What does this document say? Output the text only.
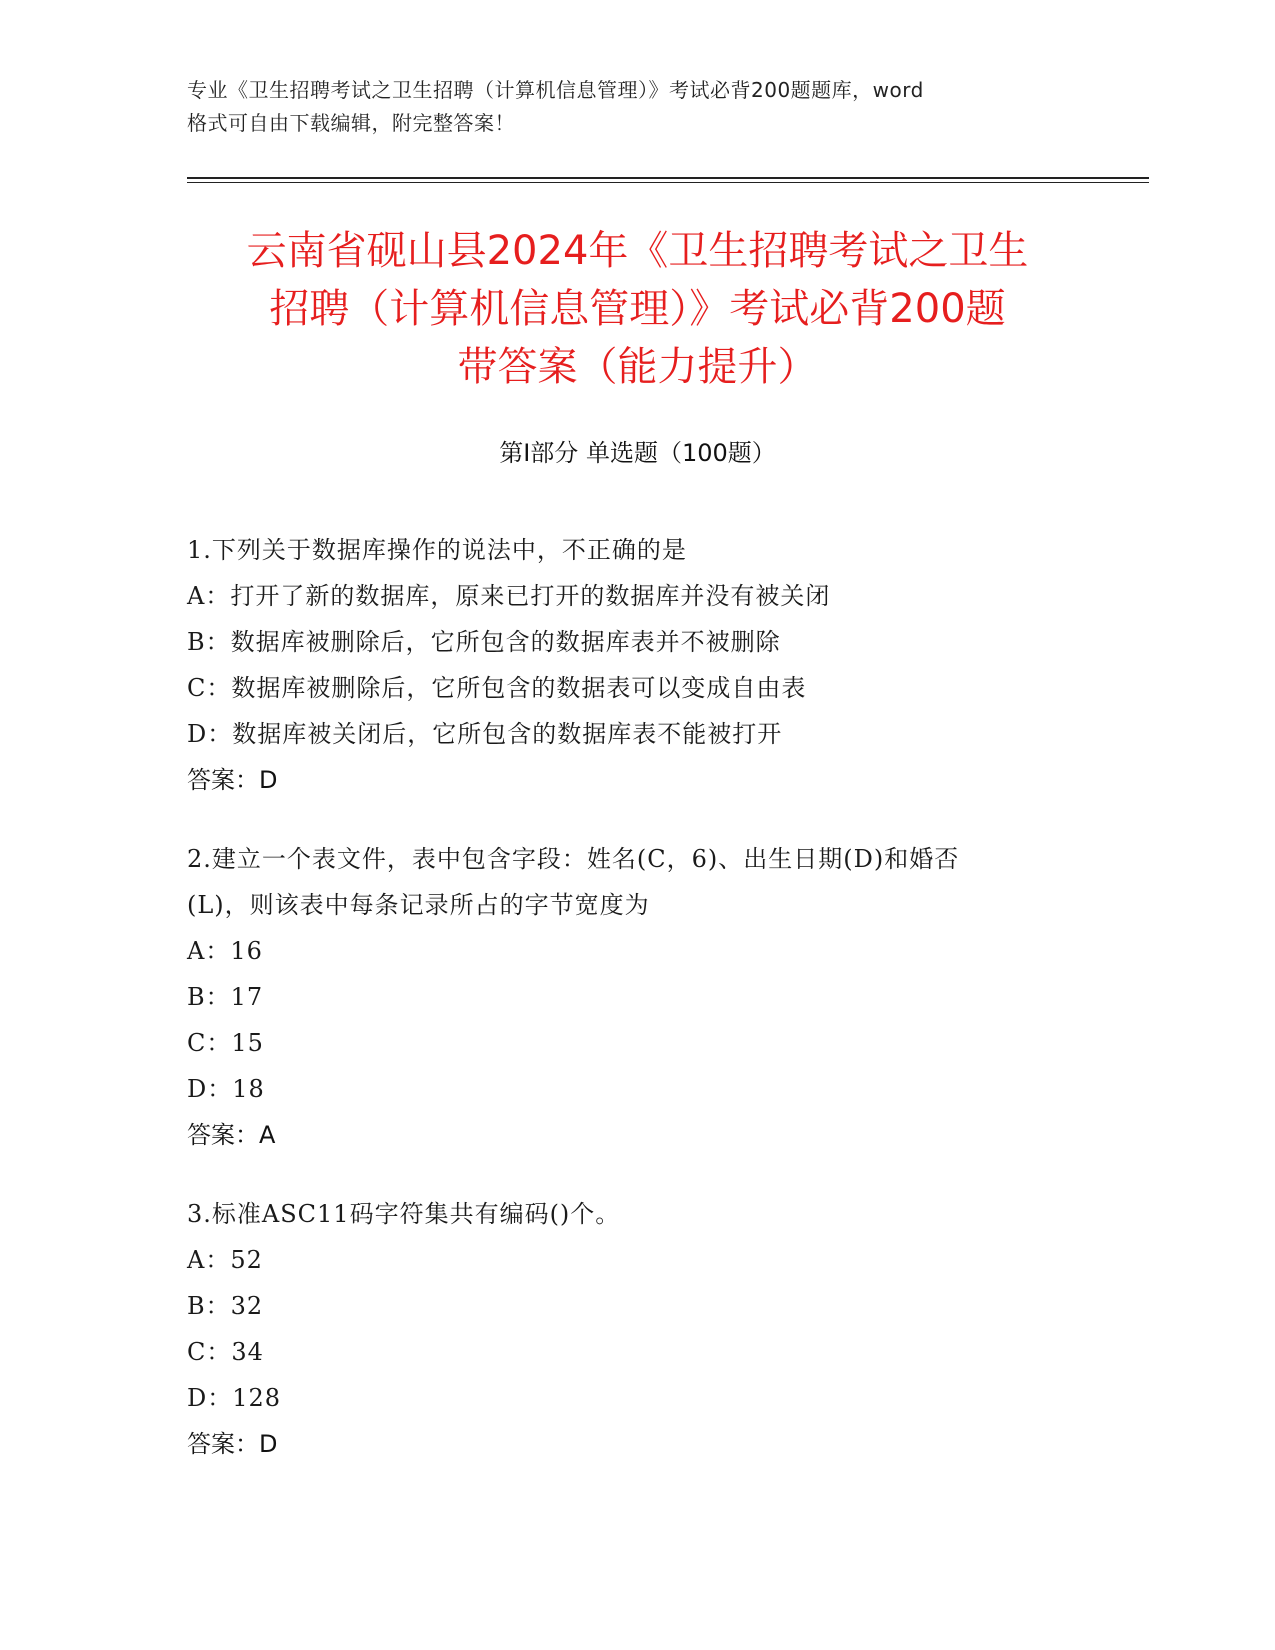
专业《卫生招聘考试之卫生招聘（计算机信息管理）》考试必背200题题库，word
格式可自由下载编辑，附完整答案！
云南省砚山县2024年《卫生招聘考试之卫生
招聘（计算机信息管理）》考试必背200题
带答案（能力提升）
第Ⅰ部分 单选题（100题）
1.下列关于数据库操作的说法中，不正确的是
A：打开了新的数据库，原来已打开的数据库并没有被关闭
B：数据库被删除后，它所包含的数据库表并不被删除
C：数据库被删除后，它所包含的数据表可以变成自由表
D：数据库被关闭后，它所包含的数据库表不能被打开
答案：D
2.建立一个表文件，表中包含字段：姓名(C，6)、出生日期(D)和婚否
(L)，则该表中每条记录所占的字节宽度为
A：16
B：17
C：15
D：18
答案：A
3.标准ASC11码字符集共有编码()个。
A：52
B：32
C：34
D：128
答案：D
